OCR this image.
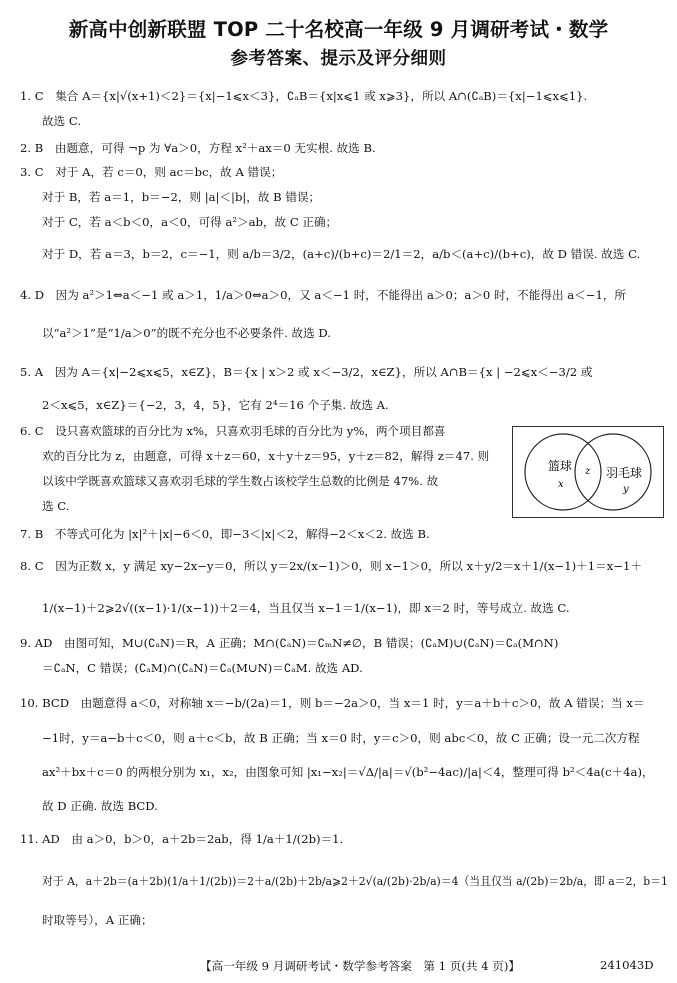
新高中创新联盟 TOP 二十名校高一年级 9 月调研考试・数学
参考答案、提示及评分细则
1. C　集合 A＝{x|√(x+1)＜2}＝{x|−1⩽x＜3}，∁ₐB＝{x|x⩽1 或 x⩾3}，所以 A∩(∁ₐB)＝{x|−1⩽x⩽1}.
故选 C.
2. B　由题意，可得 ¬p 为 ∀a＞0，方程 x²＋ax＝0 无实根. 故选 B.
3. C　对于 A，若 c＝0，则 ac＝bc，故 A 错误；
对于 B，若 a＝1，b＝−2，则 |a|＜|b|，故 B 错误；
对于 C，若 a＜b＜0，a＜0，可得 a²＞ab，故 C 正确；
对于 D，若 a＝3，b＝2，c＝−1，则 a/b＝3/2，(a+c)/(b+c)＝2/1＝2，a/b＜(a+c)/(b+c)，故 D 错误. 故选 C.
4. D　因为 a²＞1⇔a＜−1 或 a＞1，1/a＞0⇔a＞0，又 a＜−1 时，不能得出 a＞0；a＞0 时，不能得出 a＜−1，所
以“a²＞1”是“1/a＞0”的既不充分也不必要条件. 故选 D.
5. A　因为 A＝{x|−2⩽x⩽5，x∈Z}，B＝{x | x＞2 或 x＜−3/2，x∈Z}，所以 A∩B＝{x | −2⩽x＜−3/2 或
2＜x⩽5，x∈Z}＝{−2，3，4，5}，它有 2⁴＝16 个子集. 故选 A.
6. C　设只喜欢篮球的百分比为 x%，只喜欢羽毛球的百分比为 y%，两个项目都喜
欢的百分比为 z，由题意，可得 x＋z＝60，x＋y＋z＝95，y＋z＝82，解得 z＝47. 则
以该中学既喜欢篮球又喜欢羽毛球的学生数占该校学生总数的比例是 47%. 故
选 C.
7. B　不等式可化为 |x|²＋|x|−6＜0，即−3＜|x|＜2，解得−2＜x＜2. 故选 B.
8. C　因为正数 x，y 满足 xy−2x−y＝0，所以 y＝2x/(x−1)＞0，则 x−1＞0，所以 x＋y/2＝x＋1/(x−1)＋1＝x−1＋
1/(x−1)＋2⩾2√((x−1)·1/(x−1))＋2＝4，当且仅当 x−1＝1/(x−1)，即 x＝2 时，等号成立. 故选 C.
9. AD　由图可知，M∪(∁ₐN)＝R，A 正确；M∩(∁ₐN)＝∁ₘN≠∅，B 错误；(∁ₐM)∪(∁ₐN)＝∁ₐ(M∩N)
＝∁ₐN，C 错误；(∁ₐM)∩(∁ₐN)＝∁ₐ(M∪N)＝∁ₐM. 故选 AD.
10. BCD　由题意得 a＜0，对称轴 x＝−b/(2a)＝1，则 b＝−2a＞0，当 x＝1 时，y＝a＋b＋c＞0，故 A 错误；当 x＝
−1时，y＝a−b＋c＜0，则 a＋c＜b，故 B 正确；当 x＝0 时，y＝c＞0，则 abc＜0，故 C 正确；设一元二次方程
ax²＋bx＋c＝0 的两根分别为 x₁，x₂，由图象可知 |x₁−x₂|＝√Δ/|a|＝√(b²−4ac)/|a|＜4，整理可得 b²＜4a(c＋4a)，
故 D 正确. 故选 BCD.
11. AD　由 a＞0，b＞0，a＋2b＝2ab，得 1/a＋1/(2b)＝1.
对于 A，a＋2b＝(a＋2b)(1/a＋1/(2b))＝2＋a/(2b)＋2b/a⩾2＋2√(a/(2b)·2b/a)＝4（当且仅当 a/(2b)＝2b/a，即 a＝2，b＝1
时取等号），A 正确；
篮球
x
z 羽毛球
y
【高一年级 9 月调研考试・数学参考答案　第 1 页(共 4 页)】	241043D
